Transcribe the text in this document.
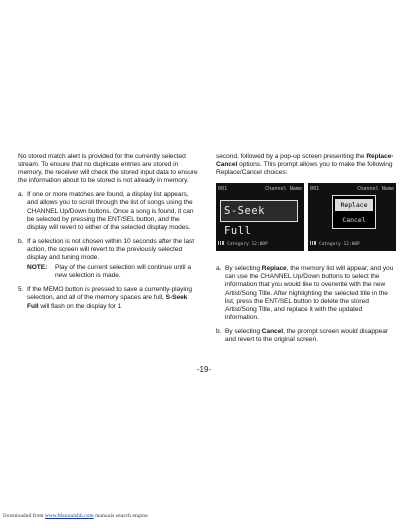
No stored match alert is provided for the currently selected stream. To ensure that no duplicate entries are stored in memory, the receiver will check the stored input data to ensure the information about to be stored is not already in memory.

a. If one or more matches are found, a display list appears, and allows you to scroll through the list of songs using the CHANNEL Up/Down buttons. Once a song is found, it can be selected by pressing the ENT/SEL button, and the display will revert to either of the selected display modes.
b. If a selection is not chosen within 10 seconds after the last action, the screen will revert to the previously selected display and tuning mode.
NOTE:	Play of the current selection will continue until a new selection is made.
5. If the MEMO button is pressed to save a currently-playing selection, and all of the memory spaces are full, S-Seek Full will flash on the display for 1

second, followed by a pop-up screen presenting the Replace-Cancel options. This prompt allows you to make the following Replace/Cancel choices:

001	Channel Name
S-Seek Full
Category 12:00P
001	Channel Name
Replace
Cancel
Category 12:00P
a. By selecting Replace, the memory list will appear, and you can use the CHANNEL Up/Down buttons to select the information that you would like to overwrite with the new Artist/Song Title. After highlighting the selected title in the list, press the ENT/SEL button to delete the stored Artist/Song Title, and replace it with the updated information.
b. By selecting Cancel, the prompt screen would disappear and revert to the original screen.
-19-
Downloaded from www.Manualslib.com manuals search engine
